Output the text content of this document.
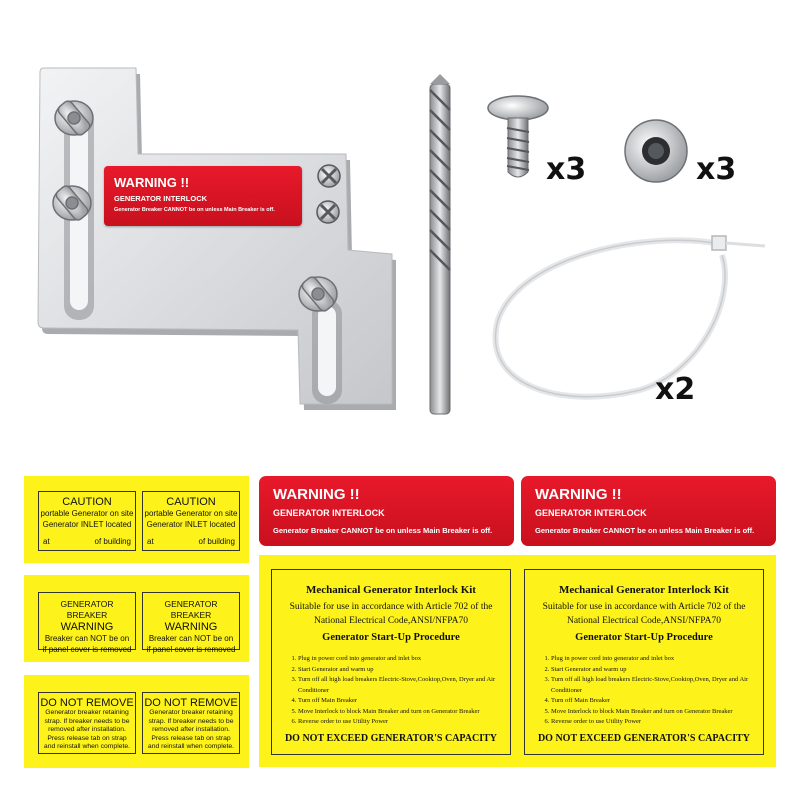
WARNING !!
GENERATOR INTERLOCK
Generator Breaker CANNOT be on unless Main Breaker is off.
x3	x3
x2
CAUTION
portable Generator on site
Generator INLET located
at	of building
CAUTION
portable Generator on site
Generator INLET located
at	of building
GENERATOR BREAKER
WARNING
Breaker can NOT be on
if panel cover is removed
GENERATOR BREAKER
WARNING
Breaker can NOT be on
if panel cover is removed
DO NOT REMOVE
Generator breaker retaining strap. If breaker needs to be removed after installation. Press release tab on strap and reinstall when complete.
DO NOT REMOVE
Generator breaker retaining strap. If breaker needs to be removed after installation. Press release tab on strap and reinstall when complete.
WARNING !!
GENERATOR INTERLOCK
Generator Breaker CANNOT be on unless Main Breaker is off.
WARNING !!
GENERATOR INTERLOCK
Generator Breaker CANNOT be on unless Main Breaker is off.
Mechanical Generator Interlock Kit
Suitable for use in accordance with Article 702 of the
National Electrical Code,ANSI/NFPA70
Generator Start-Up Procedure
1. Plug in power cord into generator and inlet box
2. Start Generator and warm up
3. Turn off all high load breakers Electric-Stove,Cooktop,Oven, Dryer and Air Conditioner
4. Turn off Main Breaker
5. Move Interlock to block Main Breaker and turn on Generator Breaker
6. Reverse order to use Utility Power
DO NOT EXCEED GENERATOR'S CAPACITY
Mechanical Generator Interlock Kit
Suitable for use in accordance with Article 702 of the
National Electrical Code,ANSI/NFPA70
Generator Start-Up Procedure
1. Plug in power cord into generator and inlet box
2. Start Generator and warm up
3. Turn off all high load breakers Electric-Stove,Cooktop,Oven, Dryer and Air Conditioner
4. Turn off Main Breaker
5. Move Interlock to block Main Breaker and turn on Generator Breaker
6. Reverse order to use Utility Power
DO NOT EXCEED GENERATOR'S CAPACITY
